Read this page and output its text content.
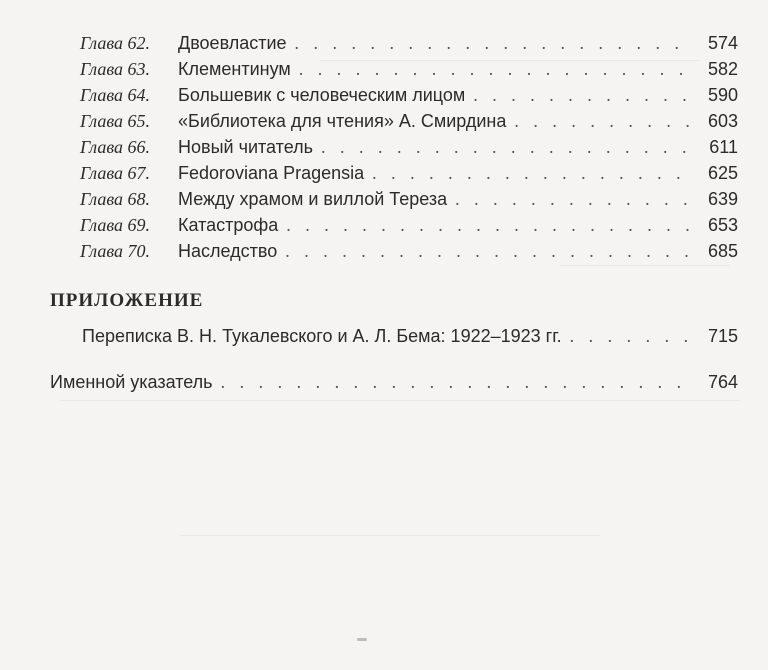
Глава 62.	Двоевластие . . .	574
Глава 63.	Клементинум . . .	582
Глава 64.	Большевик с человеческим лицом . . .	590
Глава 65.	«Библиотека для чтения» А. Смирдина . . .	603
Глава 66.	Новый читатель . . .	611
Глава 67.	Fedoroviana Pragensia . . .	625
Глава 68.	Между храмом и виллой Тереза . . .	639
Глава 69.	Катастрофа . . .	653
Глава 70.	Наследство . . .	685
ПРИЛОЖЕНИЕ
Переписка В. Н. Тукалевского и А. Л. Бема: 1922–1923 гг. . . .	715
Именной указатель . . .	764
